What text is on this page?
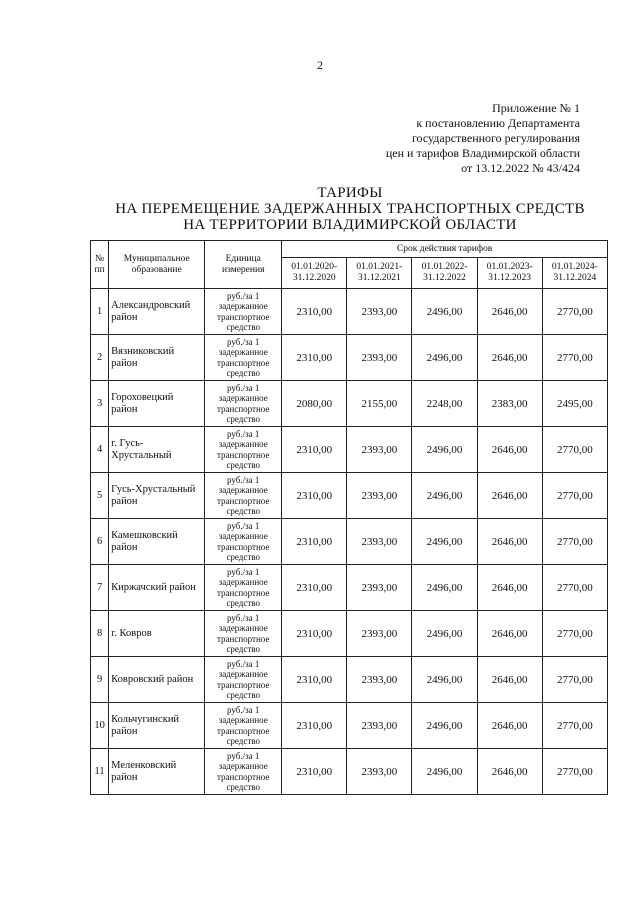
2
Приложение № 1
к постановлению Департамента
государственного регулирования
цен и тарифов Владимирской области
от 13.12.2022 № 43/424
ТАРИФЫ
НА ПЕРЕМЕЩЕНИЕ ЗАДЕРЖАННЫХ ТРАНСПОРТНЫХ СРЕДСТВ
НА ТЕРРИТОРИИ ВЛАДИМИРСКОЙ ОБЛАСТИ
№ пп	Муниципальное образование	Единица измерения	Срок действия тарифов				
			01.01.2020-31.12.2020	01.01.2021-31.12.2021	01.01.2022-31.12.2022	01.01.2023-31.12.2023	01.01.2024-31.12.2024
1	Александровский район	руб./за 1 задержанное транспортное средство	2310,00	2393,00	2496,00	2646,00	2770,00
2	Вязниковский район	руб./за 1 задержанное транспортное средство	2310,00	2393,00	2496,00	2646,00	2770,00
3	Гороховецкий район	руб./за 1 задержанное транспортное средство	2080,00	2155,00	2248,00	2383,00	2495,00
4	г. Гусь-Хрустальный	руб./за 1 задержанное транспортное средство	2310,00	2393,00	2496,00	2646,00	2770,00
5	Гусь-Хрустальный район	руб./за 1 задержанное транспортное средство	2310,00	2393,00	2496,00	2646,00	2770,00
6	Камешковский район	руб./за 1 задержанное транспортное средство	2310,00	2393,00	2496,00	2646,00	2770,00
7	Киржачский район	руб./за 1 задержанное транспортное средство	2310,00	2393,00	2496,00	2646,00	2770,00
8	г. Ковров	руб./за 1 задержанное транспортное средство	2310,00	2393,00	2496,00	2646,00	2770,00
9	Ковровский район	руб./за 1 задержанное транспортное средство	2310,00	2393,00	2496,00	2646,00	2770,00
10	Кольчугинский район	руб./за 1 задержанное транспортное средство	2310,00	2393,00	2496,00	2646,00	2770,00
11	Меленковский район	руб./за 1 задержанное транспортное средство	2310,00	2393,00	2496,00	2646,00	2770,00
